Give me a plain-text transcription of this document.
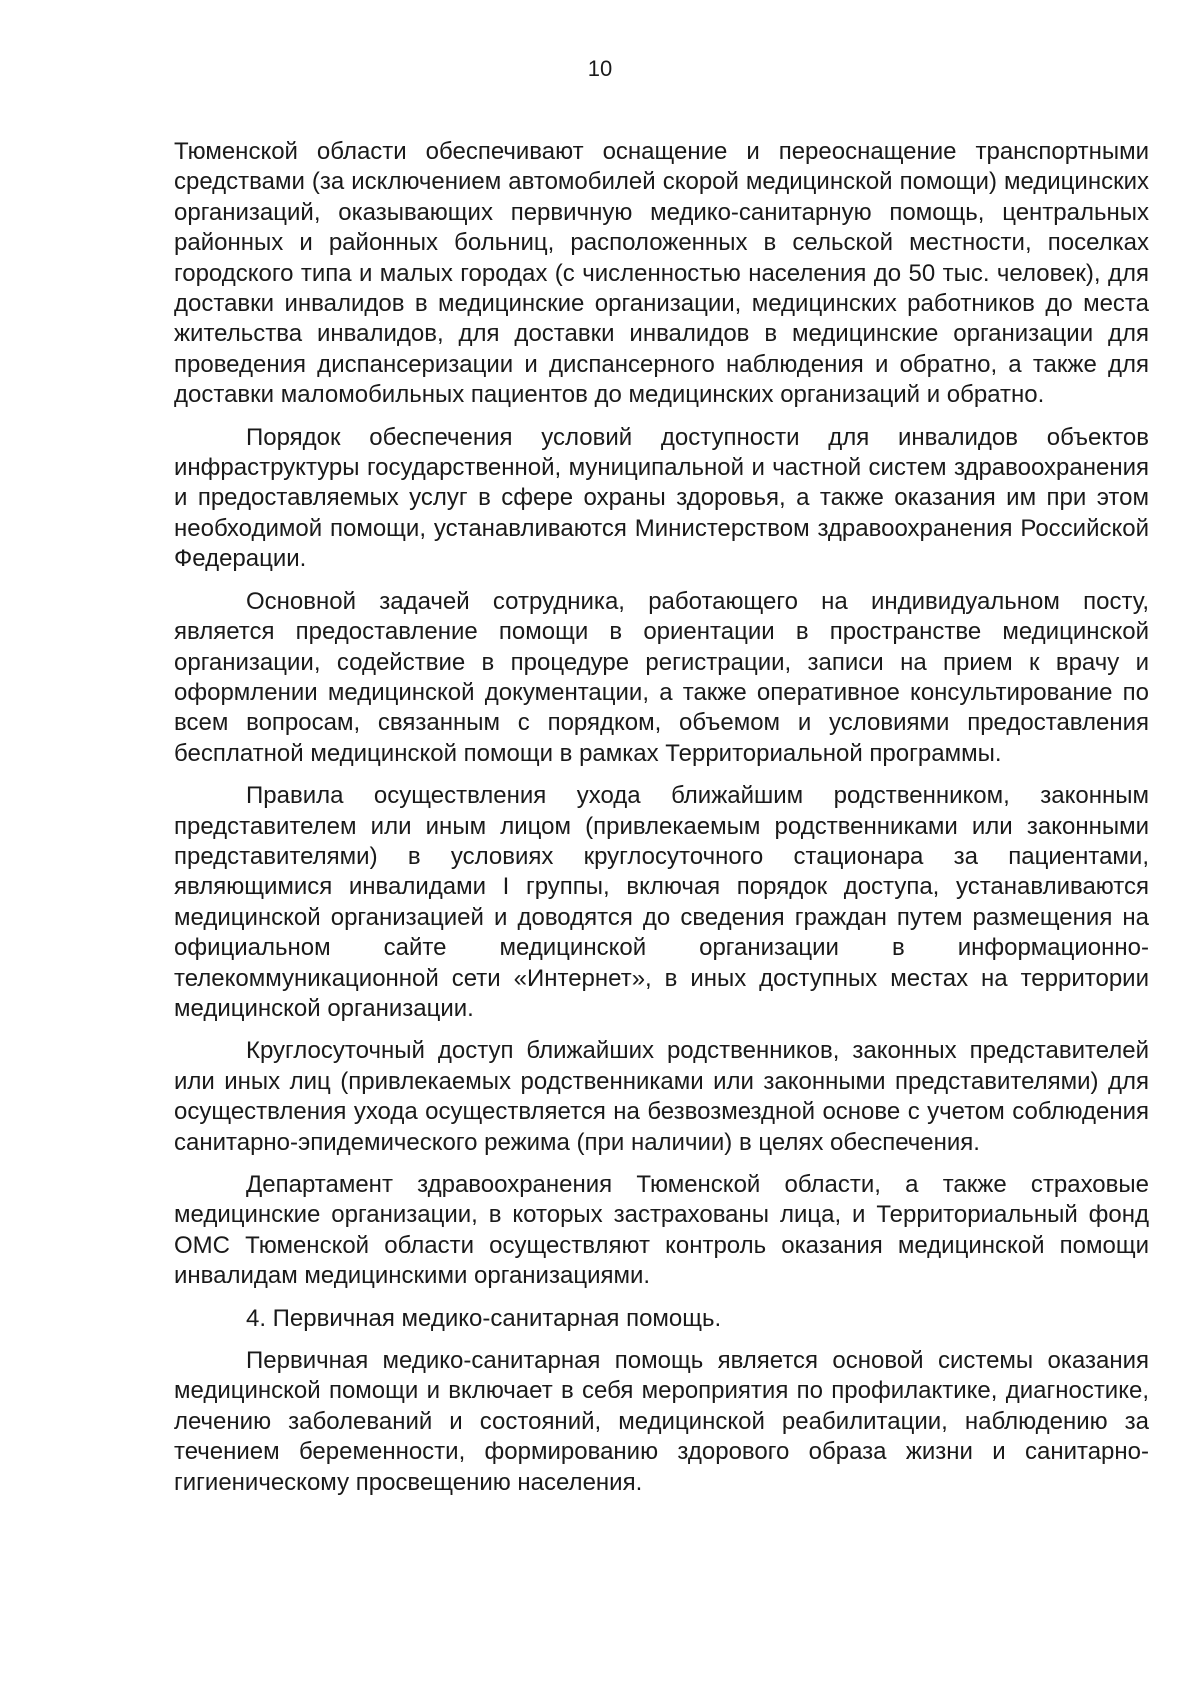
10

Тюменской области обеспечивают оснащение и переоснащение транспортными средствами (за исключением автомобилей скорой медицинской помощи) медицинских организаций, оказывающих первичную медико-санитарную помощь, центральных районных и районных больниц, расположенных в сельской местности, поселках городского типа и малых городах (с численностью населения до 50 тыс. человек), для доставки инвалидов в медицинские организации, медицинских работников до места жительства инвалидов, для доставки инвалидов в медицинские организации для проведения диспансеризации и диспансерного наблюдения и обратно, а также для доставки маломобильных пациентов до медицинских организаций и обратно.

Порядок обеспечения условий доступности для инвалидов объектов инфраструктуры государственной, муниципальной и частной систем здравоохранения и предоставляемых услуг в сфере охраны здоровья, а также оказания им при этом необходимой помощи, устанавливаются Министерством здравоохранения Российской Федерации.

Основной задачей сотрудника, работающего на индивидуальном посту, является предоставление помощи в ориентации в пространстве медицинской организации, содействие в процедуре регистрации, записи на прием к врачу и оформлении медицинской документации, а также оперативное консультирование по всем вопросам, связанным с порядком, объемом и условиями предоставления бесплатной медицинской помощи в рамках Территориальной программы.

Правила осуществления ухода ближайшим родственником, законным представителем или иным лицом (привлекаемым родственниками или законными представителями) в условиях круглосуточного стационара за пациентами, являющимися инвалидами I группы, включая порядок доступа, устанавливаются медицинской организацией и доводятся до сведения граждан путем размещения на официальном сайте медицинской организации в информационно-телекоммуникационной сети «Интернет», в иных доступных местах на территории медицинской организации.

Круглосуточный доступ ближайших родственников, законных представителей или иных лиц (привлекаемых родственниками или законными представителями) для осуществления ухода осуществляется на безвозмездной основе с учетом соблюдения санитарно-эпидемического режима (при наличии) в целях обеспечения.

Департамент здравоохранения Тюменской области, а также страховые медицинские организации, в которых застрахованы лица, и Территориальный фонд ОМС Тюменской области осуществляют контроль оказания медицинской помощи инвалидам медицинскими организациями.

4. Первичная медико-санитарная помощь.

Первичная медико-санитарная помощь является основой системы оказания медицинской помощи и включает в себя мероприятия по профилактике, диагностике, лечению заболеваний и состояний, медицинской реабилитации, наблюдению за течением беременности, формированию здорового образа жизни и санитарно-гигиеническому просвещению населения.
